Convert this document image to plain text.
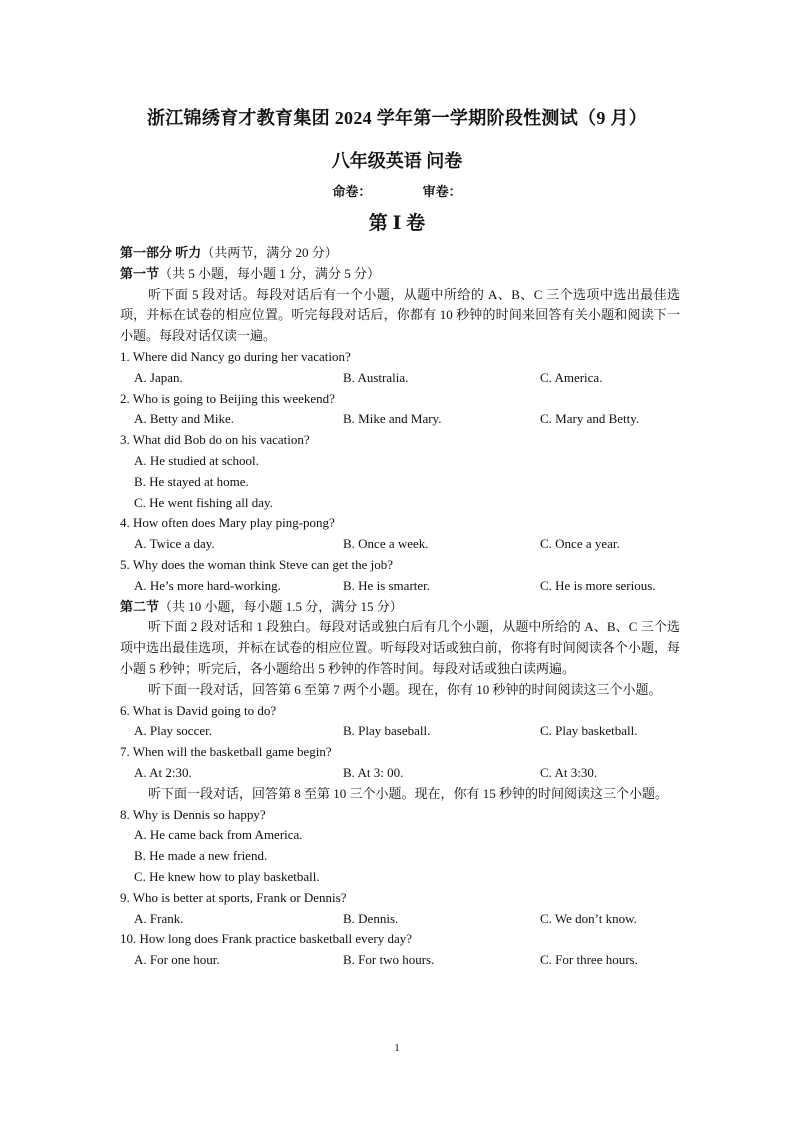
浙江锦绣育才教育集团 2024 学年第一学期阶段性测试（9 月）
八年级英语 问卷
命卷：	审卷：
第 Ⅰ 卷
第一部分 听力（共两节，满分 20 分）
第一节（共 5 小题，每小题 1 分，满分 5 分）
听下面 5 段对话。每段对话后有一个小题，从题中所给的 A、B、C 三个选项中选出最佳选项，并标在试卷的相应位置。听完每段对话后，你都有 10 秒钟的时间来回答有关小题和阅读下一小题。每段对话仅读一遍。
1. Where did Nancy go during her vacation?
A. Japan.	B. Australia.	C. America.
2. Who is going to Beijing this weekend?
A. Betty and Mike.	B. Mike and Mary.	C. Mary and Betty.
3. What did Bob do on his vacation?
A. He studied at school.
B. He stayed at home.
C. He went fishing all day.
4. How often does Mary play ping-pong?
A. Twice a day.	B. Once a week.	C. Once a year.
5. Why does the woman think Steve can get the job?
A. He’s more hard-working.	B. He is smarter.	C. He is more serious.
第二节（共 10 小题，每小题 1.5 分，满分 15 分）
听下面 2 段对话和 1 段独白。每段对话或独白后有几个小题，从题中所给的 A、B、C 三个选项中选出最佳选项，并标在试卷的相应位置。听每段对话或独白前，你将有时间阅读各个小题，每小题 5 秒钟；听完后，各小题给出 5 秒钟的作答时间。每段对话或独白读两遍。
听下面一段对话，回答第 6 至第 7 两个小题。现在，你有 10 秒钟的时间阅读这三个小题。
6. What is David going to do?
A. Play soccer.	B. Play baseball.	C. Play basketball.
7. When will the basketball game begin?
A. At 2:30.	B. At 3: 00.	C. At 3:30.
听下面一段对话，回答第 8 至第 10 三个小题。现在，你有 15 秒钟的时间阅读这三个小题。
8. Why is Dennis so happy?
A. He came back from America.
B. He made a new friend.
C. He knew how to play basketball.
9. Who is better at sports, Frank or Dennis?
A. Frank.	B. Dennis.	C. We don’t know.
10. How long does Frank practice basketball every day?
A. For one hour.	B. For two hours.	C. For three hours.
1
